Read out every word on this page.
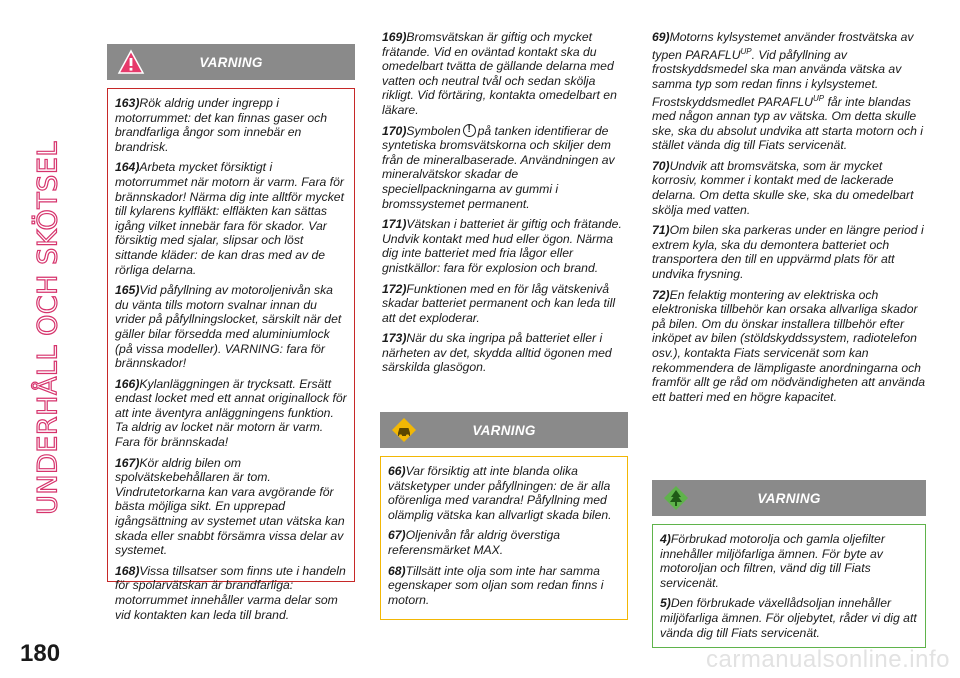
UNDERHÅLL OCH SKÖTSEL
180
VARNING
163)Rök aldrig under ingrepp i motorrummet: det kan finnas gaser och brandfarliga ångor som innebär en brandrisk.
164)Arbeta mycket försiktigt i motorrummet när motorn är varm. Fara för brännskador! Närma dig inte alltför mycket till kylarens kylfläkt: elfläkten kan sättas igång vilket innebär fara för skador. Var försiktig med sjalar, slipsar och löst sittande kläder: de kan dras med av de rörliga delarna.
165)Vid påfyllning av motoroljenivån ska du vänta tills motorn svalnar innan du vrider på påfyllningslocket, särskilt när det gäller bilar försedda med aluminiumlock (på vissa modeller). VARNING: fara för brännskador!
166)Kylanläggningen är trycksatt. Ersätt endast locket med ett annat originallock för att inte äventyra anläggningens funktion. Ta aldrig av locket när motorn är varm. Fara för brännskada!
167)Kör aldrig bilen om spolvätskebehållaren är tom. Vindrutetorkarna kan vara avgörande för bästa möjliga sikt. En upprepad igångsättning av systemet utan vätska kan skada eller snabbt försämra vissa delar av systemet.
168)Vissa tillsatser som finns ute i handeln för spolarvätskan är brandfarliga: motorrummet innehåller varma delar som vid kontakten kan leda till brand.
169)Bromsvätskan är giftig och mycket frätande. Vid en oväntad kontakt ska du omedelbart tvätta de gällande delarna med vatten och neutral tvål och sedan skölja rikligt. Vid förtäring, kontakta omedelbart en läkare.
170)Symbolen! på tanken identifierar de syntetiska bromsvätskorna och skiljer dem från de mineralbaserade. Användningen av mineralvätskor skadar de speciellpackningarna av gummi i bromssystemet permanent.
171)Vätskan i batteriet är giftig och frätande. Undvik kontakt med hud eller ögon. Närma dig inte batteriet med fria lågor eller gnistkällor: fara för explosion och brand.
172)Funktionen med en för låg vätskenivå skadar batteriet permanent och kan leda till att det exploderar.
173)När du ska ingripa på batteriet eller i närheten av det, skydda alltid ögonen med särskilda glasögon.
VARNING
66)Var försiktig att inte blanda olika vätsketyper under påfyllningen: de är alla oförenliga med varandra! Påfyllning med olämplig vätska kan allvarligt skada bilen.
67)Oljenivån får aldrig överstiga referensmärket MAX.
68)Tillsätt inte olja som inte har samma egenskaper som oljan som redan finns i motorn.
69)Motorns kylsystemet använder frostvätska av typen $PARAFLU^{UP}$. Vid påfyllning av frostskyddsmedel ska man använda vätska av samma typ som redan finns i kylsystemet. Frostskyddsmedlet $PARAFLU^{UP}$ får inte blandas med någon annan typ av vätska. Om detta skulle ske, ska du absolut undvika att starta motorn och i stället vända dig till Fiats servicenät.
70)Undvik att bromsvätska, som är mycket korrosiv, kommer i kontakt med de lackerade delarna. Om detta skulle ske, ska du omedelbart skölja med vatten.
71)Om bilen ska parkeras under en längre period i extrem kyla, ska du demontera batteriet och transportera den till en uppvärmd plats för att undvika frysning.
72)En felaktig montering av elektriska och elektroniska tillbehör kan orsaka allvarliga skador på bilen. Om du önskar installera tillbehör efter inköpet av bilen (stöldskyddssystem, radiotelefon osv.), kontakta Fiats servicenät som kan rekommendera de lämpligaste anordningarna och framför allt ge råd om nödvändigheten att använda ett batteri med en högre kapacitet.
VARNING
4)Förbrukad motorolja och gamla oljefilter innehåller miljöfarliga ämnen. För byte av motoroljan och filtren, vänd dig till Fiats servicenät.
5)Den förbrukade växellådsoljan innehåller miljöfarliga ämnen. För oljebytet, råder vi dig att vända dig till Fiats servicenät.
carmanualsonline.info
